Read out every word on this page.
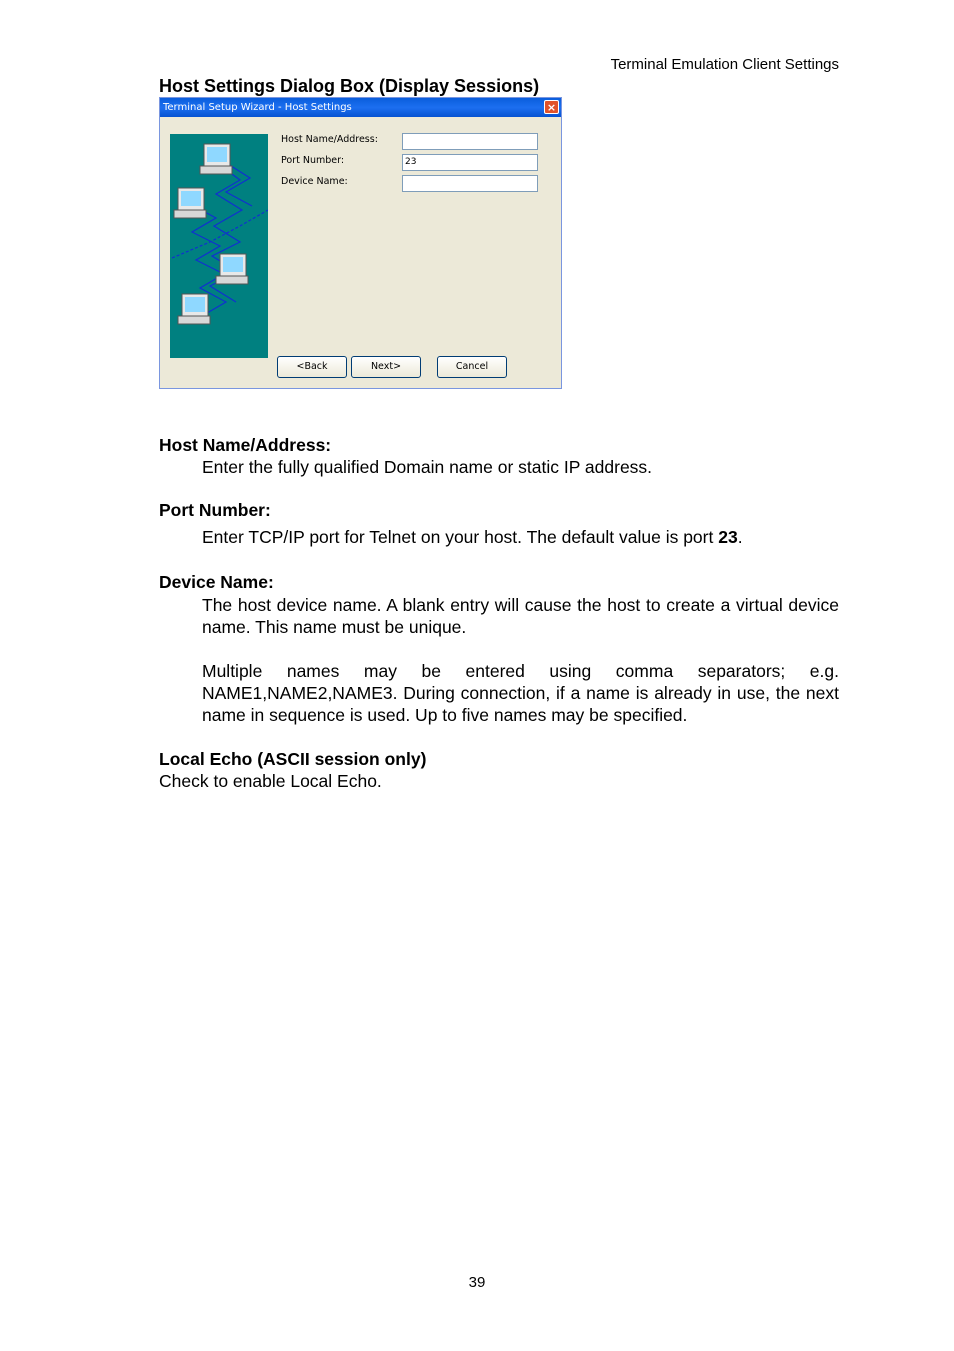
Terminal Emulation Client Settings
Host Settings Dialog Box (Display Sessions)
Terminal Setup Wizard - Host Settings	×
Host Name/Address:
Port Number:	23
Device Name:
<Back	Next>	Cancel
Host Name/Address:
Enter the fully qualified Domain name or static IP address.
Port Number:
Enter TCP/IP port for Telnet on your host. The default value is port 23.
Device Name:
The host device name. A blank entry will cause the host to create a virtual device name. This name must be unique.
Multiple names may be entered using comma separators; e.g. NAME1,NAME2,NAME3. During connection, if a name is already in use, the next name in sequence is used. Up to five names may be specified.
Local Echo (ASCII session only)
Check to enable Local Echo.
39
